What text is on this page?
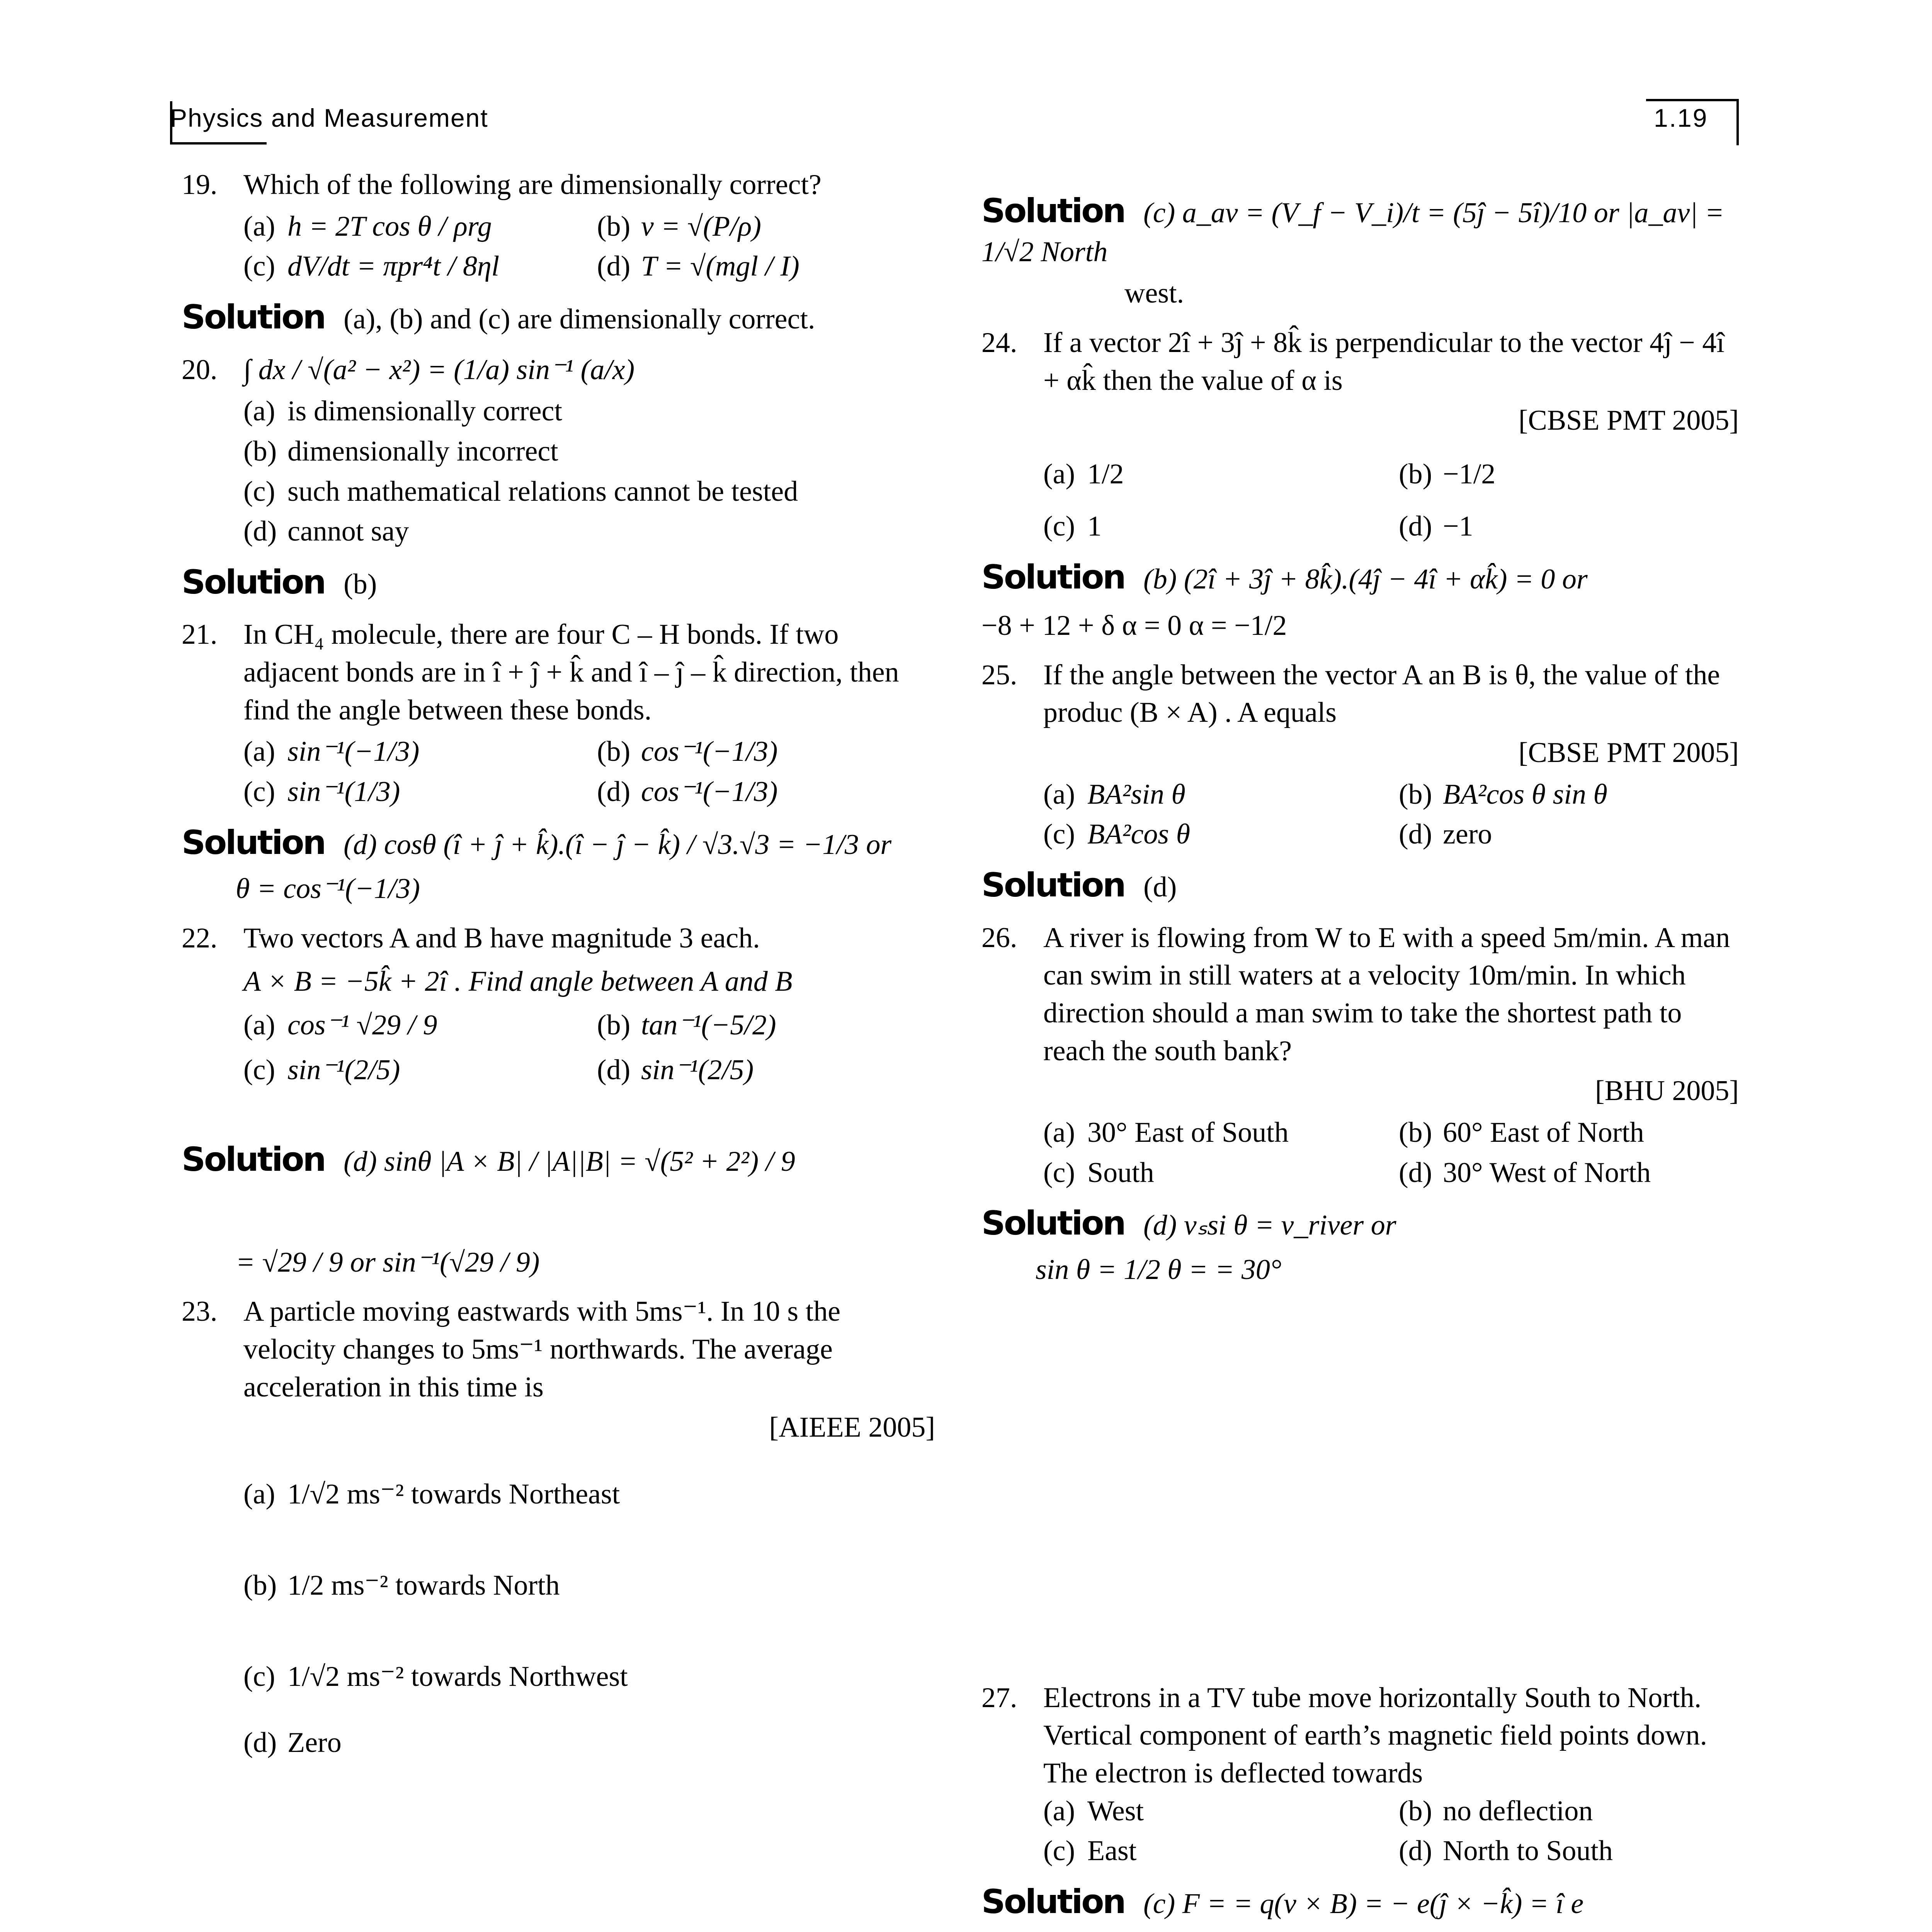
Physics and Measurement	1.19
19. Which of the following are dimensionally correct?
(a) h = 2T cos θ / ρrg	(b) v = √(P/ρ)
(c) dV/dt = πpr⁴t / 8ηl	(d) T = √(mgl / I)
Solution (a), (b) and (c) are dimensionally correct.
20. ∫ dx / √(a² − x²) = (1/a) sin⁻¹ (a/x)
(a) is dimensionally correct
(b) dimensionally incorrect
(c) such mathematical relations cannot be tested
(d) cannot say
Solution (b)
21. In CH₄ molecule, there are four C – H bonds. If two adjacent bonds are in î + ĵ + k̂ and î – ĵ – k̂ direction, then find the angle between these bonds.
(a) sin⁻¹(−1/3)	(b) cos⁻¹(−1/3)
(c) sin⁻¹(1/3)	(d) cos⁻¹(−1/3)
Solution (d) cosθ (î + ĵ + k̂).(î − ĵ − k̂) / √3.√3 = −1/3 or
θ = cos⁻¹(−1/3)
22. Two vectors A and B have magnitude 3 each.
A × B = −5k̂ + 2î . Find angle between A and B
(a) cos⁻¹ √29 / 9	(b) tan⁻¹(−5/2)
(c) sin⁻¹(2/5)	(d) sin⁻¹(2/5)
Solution (d) sinθ |A × B| / |A||B| = √(5² + 2²) / 9
= √29 / 9 or sin⁻¹(√29 / 9)
23. A particle moving eastwards with 5ms⁻¹. In 10 s the velocity changes to 5ms⁻¹ northwards. The average acceleration in this time is
[AIEEE 2005]
(a) 1/√2 ms⁻² towards Northeast
(b) 1/2 ms⁻² towards North
(c) 1/√2 ms⁻² towards Northwest
(d) Zero
Solution (c) a_av = (V_f − V_i)/t = (5ĵ − 5î)/10 or |a_av| = 1/√2 North
west.
24. If a vector 2î + 3ĵ + 8k̂ is perpendicular to the vector 4ĵ − 4î + αk̂ then the value of α is
[CBSE PMT 2005]
(a) 1/2	(b) −1/2
(c) 1	(d) −1
Solution (b) (2î + 3ĵ + 8k̂).(4ĵ − 4î + αk̂) = 0 or
−8 + 12 + δ α = 0 α = −1/2
25. If the angle between the vector A an B is θ, the value of the produc (B × A) . A equals
[CBSE PMT 2005]
(a) BA²sin θ	(b) BA²cos θ sin θ
(c) BA²cos θ	(d) zero
Solution (d)
26. A river is flowing from W to E with a speed 5m/min. A man can swim in still waters at a velocity 10m/min. In which direction should a man swim to take the shortest path to reach the south bank?
[BHU 2005]
(a) 30° East of South	(b) 60° East of North
(c) South	(d) 30° West of North
Solution (d) vₛsi θ = v_river or
sin θ = 1/2 θ = = 30°
27. Electrons in a TV tube move horizontally South to North. Vertical component of earth’s magnetic field points down. The electron is deflected towards
(a) West	(b) no deflection
(c) East	(d) North to South
Solution (c) F = = q(v × B) = − e(ĵ × −k̂) = î e
